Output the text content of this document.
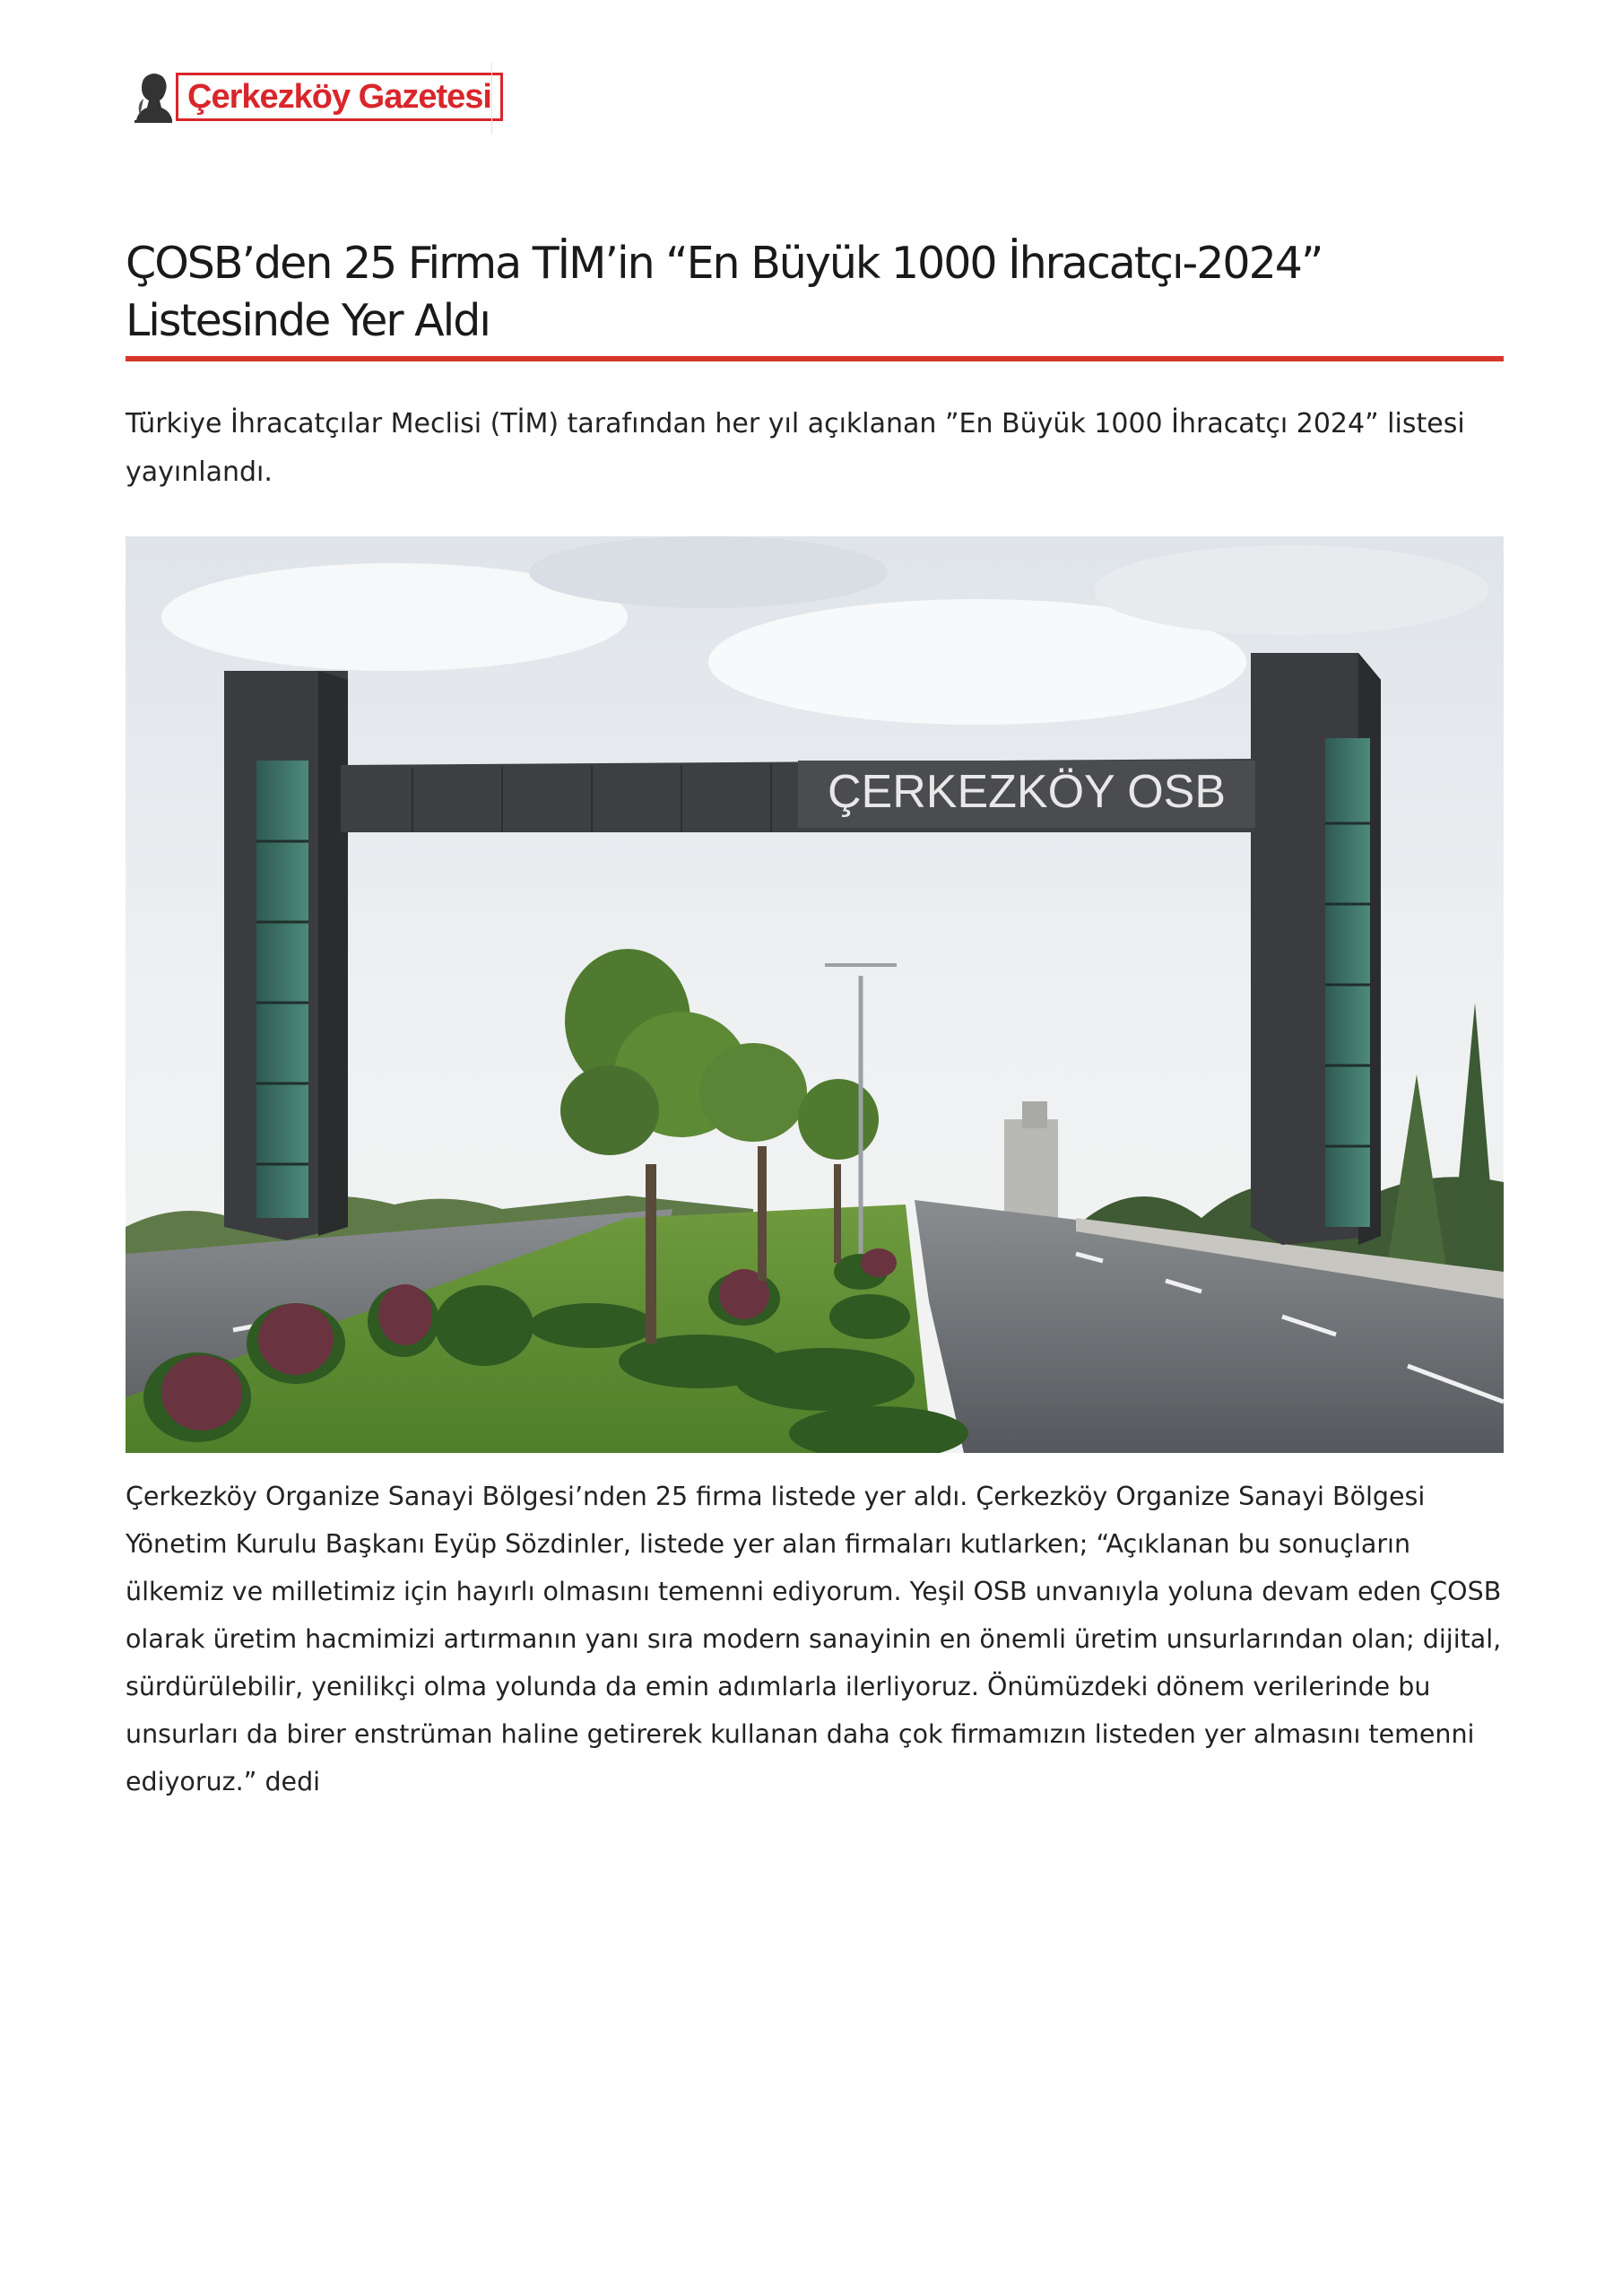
Çerkezköy Gazetesi
ÇOSB’den 25 Firma TİM’in “En Büyük 1000 İhracatçı-2024” Listesinde Yer Aldı

Türkiye İhracatçılar Meclisi (TİM) tarafından her yıl açıklanan ”En Büyük 1000 İhracatçı 2024” listesi yayınlandı.

ÇERKEZKÖY OSB

Çerkezköy Organize Sanayi Bölgesi’nden 25 firma listede yer aldı. Çerkezköy Organize Sanayi Bölgesi Yönetim Kurulu Başkanı Eyüp Sözdinler, listede yer alan firmaları kutlarken; “Açıklanan bu sonuçların ülkemiz ve milletimiz için hayırlı olmasını temenni ediyorum. Yeşil OSB unvanıyla yoluna devam eden ÇOSB olarak üretim hacmimizi artırmanın yanı sıra modern sanayinin en önemli üretim unsurlarından olan; dijital, sürdürülebilir, yenilikçi olma yolunda da emin adımlarla ilerliyoruz. Önümüzdeki dönem verilerinde bu unsurları da birer enstrüman haline getirerek kullanan daha çok firmamızın listeden yer almasını temenni ediyoruz.” dedi
